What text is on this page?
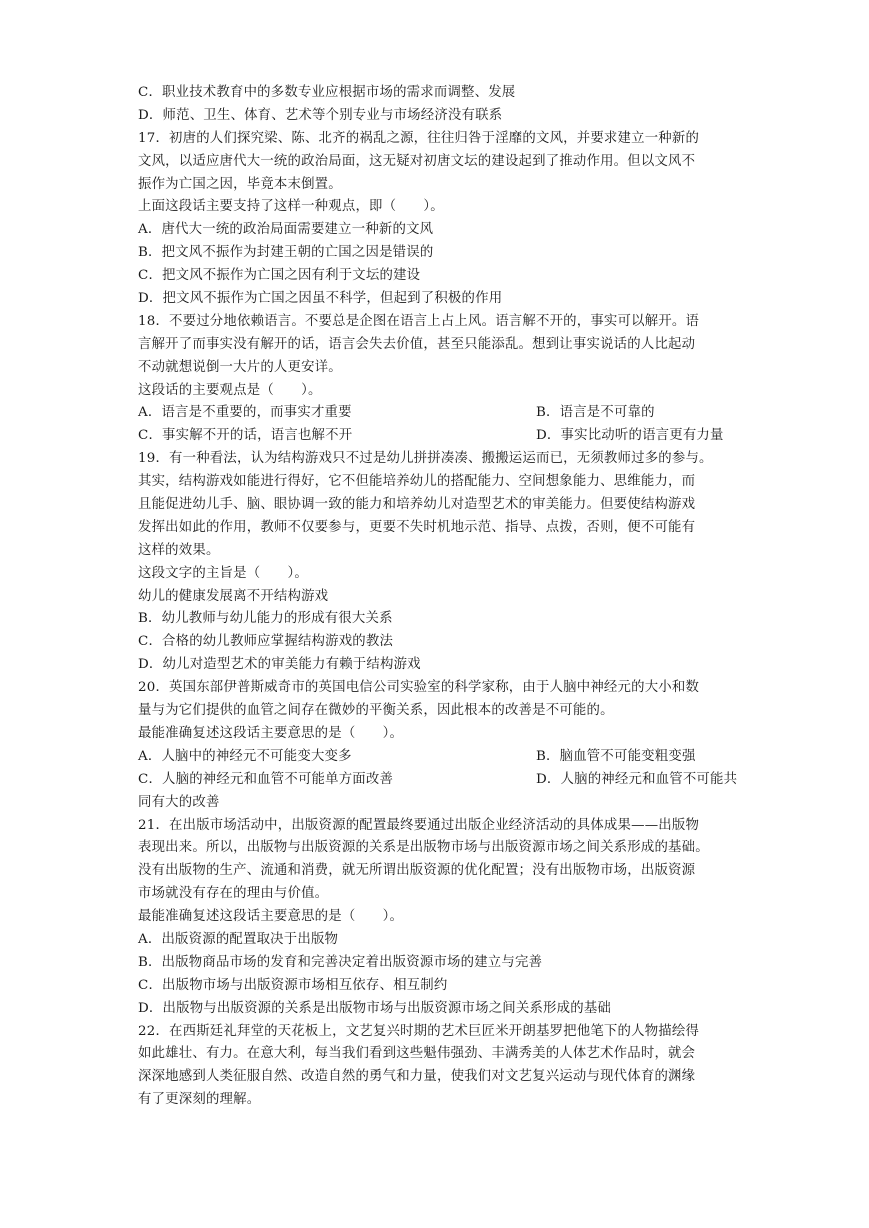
C．职业技术教育中的多数专业应根据市场的需求而调整、发展
D．师范、卫生、体育、艺术等个别专业与市场经济没有联系
17．初唐的人们探究梁、陈、北齐的祸乱之源，往往归咎于淫靡的文风，并要求建立一种新的
文风，以适应唐代大一统的政治局面，这无疑对初唐文坛的建设起到了推动作用。但以文风不
振作为亡国之因，毕竟本末倒置。
上面这段话主要支持了这样一种观点，即（　　）。
A．唐代大一统的政治局面需要建立一种新的文风
B．把文风不振作为封建王朝的亡国之因是错误的
C．把文风不振作为亡国之因有利于文坛的建设
D．把文风不振作为亡国之因虽不科学，但起到了积极的作用
18．不要过分地依赖语言。不要总是企图在语言上占上风。语言解不开的，事实可以解开。语
言解开了而事实没有解开的话，语言会失去价值，甚至只能添乱。想到让事实说话的人比起动
不动就想说倒一大片的人更安详。
这段话的主要观点是（　　）。
A．语言是不重要的，而事实才重要	B．语言是不可靠的
C．事实解不开的话，语言也解不开	D．事实比动听的语言更有力量
19．有一种看法，认为结构游戏只不过是幼儿拼拼凑凑、搬搬运运而已，无须教师过多的参与。
其实，结构游戏如能进行得好，它不但能培养幼儿的搭配能力、空间想象能力、思维能力，而
且能促进幼儿手、脑、眼协调一致的能力和培养幼儿对造型艺术的审美能力。但要使结构游戏
发挥出如此的作用，教师不仅要参与，更要不失时机地示范、指导、点拨，否则，便不可能有
这样的效果。
这段文字的主旨是（　　）。
幼儿的健康发展离不开结构游戏
B．幼儿教师与幼儿能力的形成有很大关系
C．合格的幼儿教师应掌握结构游戏的教法
D．幼儿对造型艺术的审美能力有赖于结构游戏
20．英国东部伊普斯威奇市的英国电信公司实验室的科学家称，由于人脑中神经元的大小和数
量与为它们提供的血管之间存在微妙的平衡关系，因此根本的改善是不可能的。
最能准确复述这段话主要意思的是（　　）。
A．人脑中的神经元不可能变大变多	B．脑血管不可能变粗变强
C．人脑的神经元和血管不可能单方面改善	D．人脑的神经元和血管不可能共
同有大的改善
21．在出版市场活动中，出版资源的配置最终要通过出版企业经济活动的具体成果——出版物
表现出来。所以，出版物与出版资源的关系是出版物市场与出版资源市场之间关系形成的基础。
没有出版物的生产、流通和消费，就无所谓出版资源的优化配置；没有出版物市场，出版资源
市场就没有存在的理由与价值。
最能准确复述这段话主要意思的是（　　）。
A．出版资源的配置取决于出版物
B．出版物商品市场的发育和完善决定着出版资源市场的建立与完善
C．出版物市场与出版资源市场相互依存、相互制约
D．出版物与出版资源的关系是出版物市场与出版资源市场之间关系形成的基础
22．在西斯廷礼拜堂的天花板上，文艺复兴时期的艺术巨匠米开朗基罗把他笔下的人物描绘得
如此雄壮、有力。在意大利，每当我们看到这些魁伟强劲、丰满秀美的人体艺术作品时，就会
深深地感到人类征服自然、改造自然的勇气和力量，使我们对文艺复兴运动与现代体育的渊缘
有了更深刻的理解。
